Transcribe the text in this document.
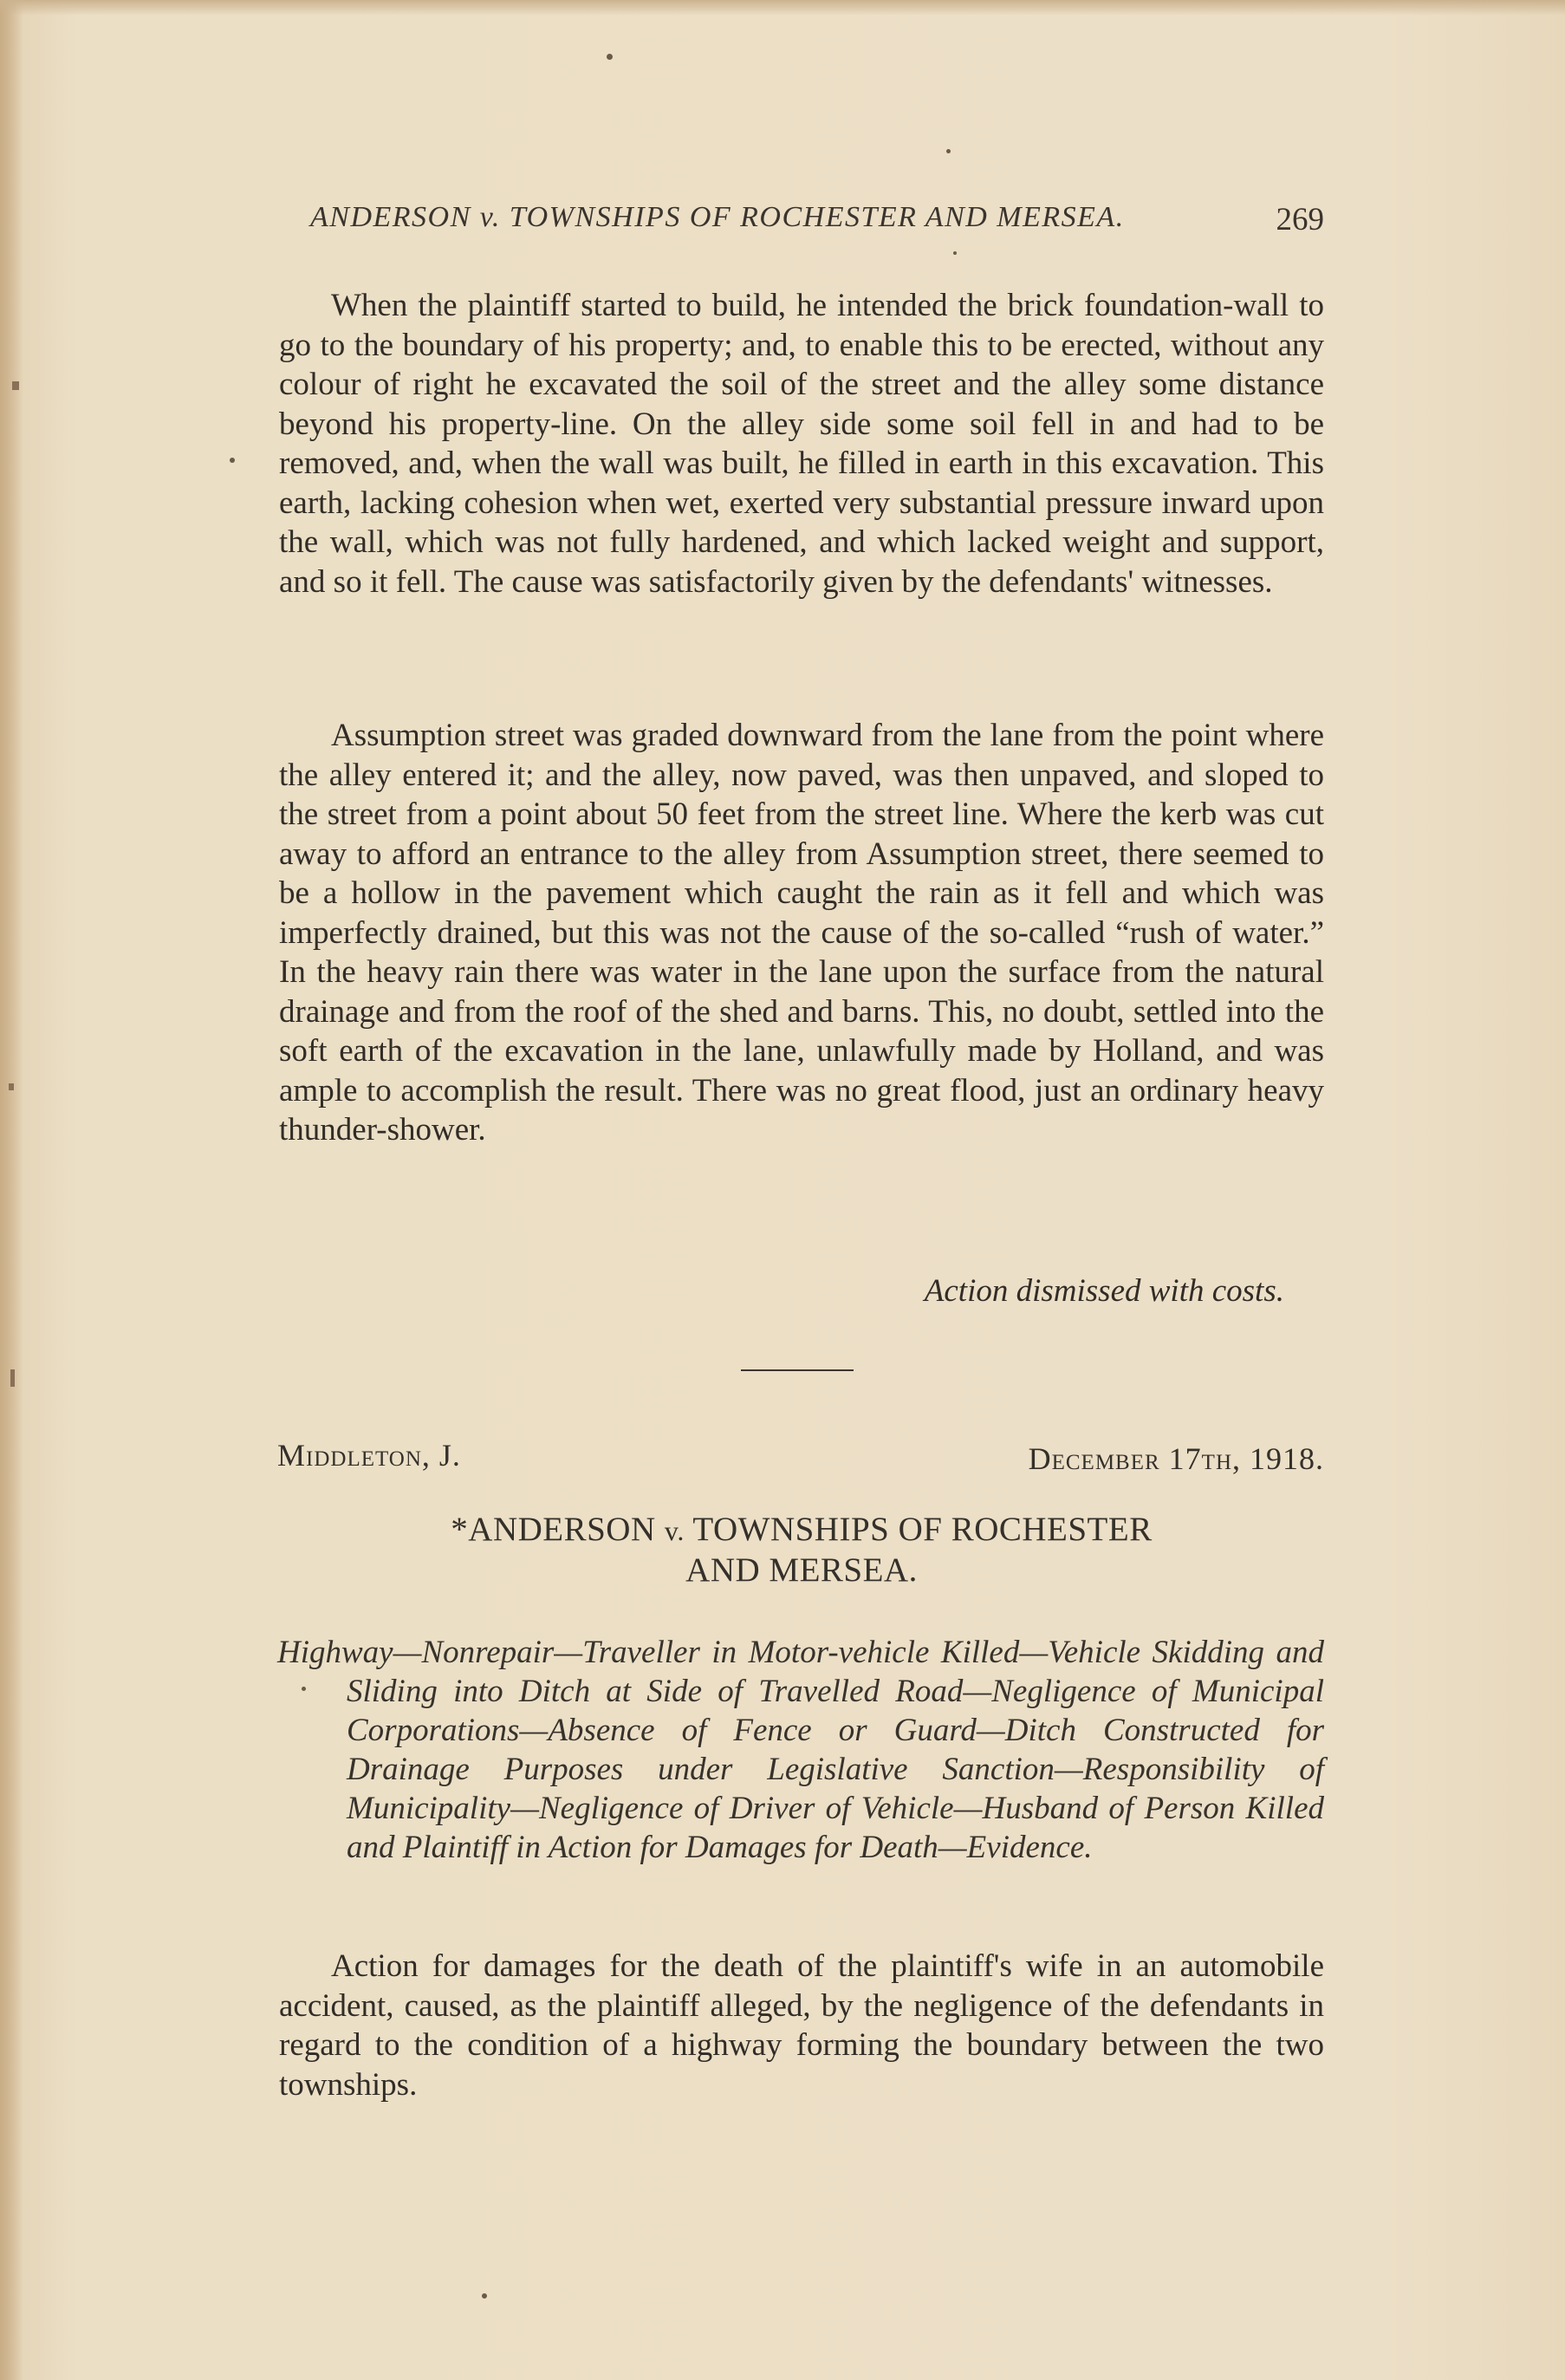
ANDERSON v. TOWNSHIPS OF ROCHESTER AND MERSEA.	269

When the plaintiff started to build, he intended the brick foundation-wall to go to the boundary of his property; and, to enable this to be erected, without any colour of right he excavated the soil of the street and the alley some distance beyond his property-line. On the alley side some soil fell in and had to be removed, and, when the wall was built, he filled in earth in this excavation. This earth, lacking cohesion when wet, exerted very substantial pressure inward upon the wall, which was not fully hardened, and which lacked weight and support, and so it fell. The cause was satisfactorily given by the defendants' witnesses.

Assumption street was graded downward from the lane from the point where the alley entered it; and the alley, now paved, was then unpaved, and sloped to the street from a point about 50 feet from the street line. Where the kerb was cut away to afford an entrance to the alley from Assumption street, there seemed to be a hollow in the pavement which caught the rain as it fell and which was imperfectly drained, but this was not the cause of the so-called “rush of water.” In the heavy rain there was water in the lane upon the surface from the natural drainage and from the roof of the shed and barns. This, no doubt, settled into the soft earth of the excavation in the lane, unlawfully made by Holland, and was ample to accomplish the result. There was no great flood, just an ordinary heavy thunder-shower.

Action dismissed with costs.
Middleton, J.	December 17th, 1918.
*ANDERSON v. TOWNSHIPS OF ROCHESTER
AND MERSEA.

Highway—Nonrepair—Traveller in Motor-vehicle Killed—Vehicle Skidding and Sliding into Ditch at Side of Travelled Road—Negligence of Municipal Corporations—Absence of Fence or Guard—Ditch Constructed for Drainage Purposes under Legislative Sanction—Responsibility of Municipality—Negligence of Driver of Vehicle—Husband of Person Killed and Plaintiff in Action for Damages for Death—Evidence.

Action for damages for the death of the plaintiff's wife in an automobile accident, caused, as the plaintiff alleged, by the negligence of the defendants in regard to the condition of a highway forming the boundary between the two townships.
